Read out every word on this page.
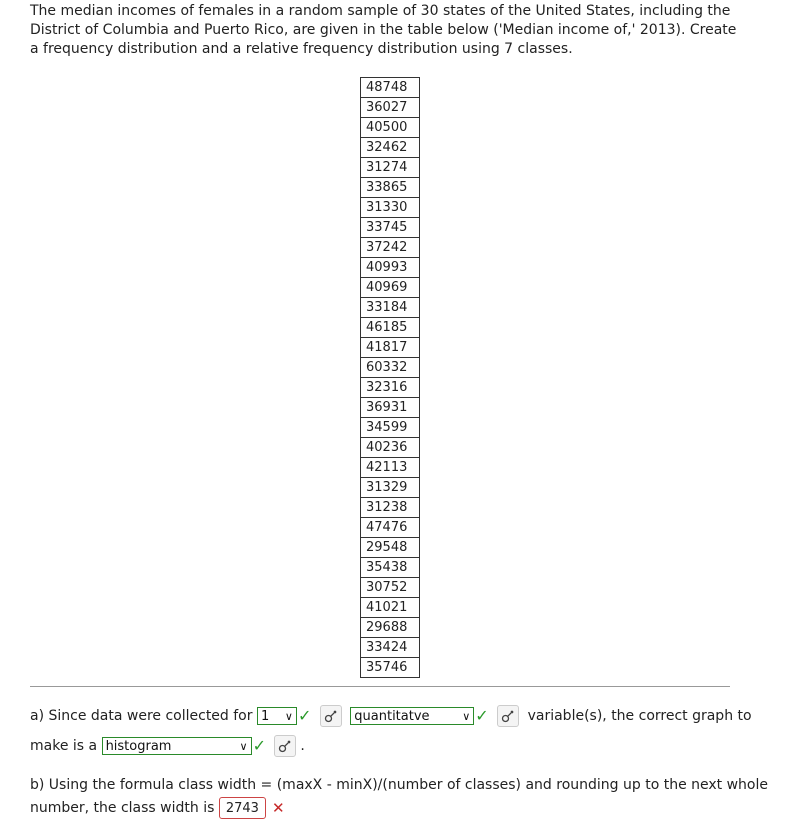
The median incomes of females in a random sample of 30 states of the United States, including the District of Columbia and Puerto Rico, are given in the table below ('Median income of,' 2013). Create a frequency distribution and a relative frequency distribution using 7 classes.
48748
36027
40500
32462
31274
33865
31330
33745
37242
40993
40969
33184
46185
41817
60332
32316
36931
34599
40236
42113
31329
31238
47476
29548
35438
30752
41021
29688
33424
35746
a) Since data were collected for 1 ∨ ✓	quantitatve	∨ ✓	variable(s), the correct graph to
make is a histogram	∨ ✓ .
b) Using the formula class width = (maxX - minX)/(number of classes) and rounding up to the next whole
number, the class width is 2743 ✕
